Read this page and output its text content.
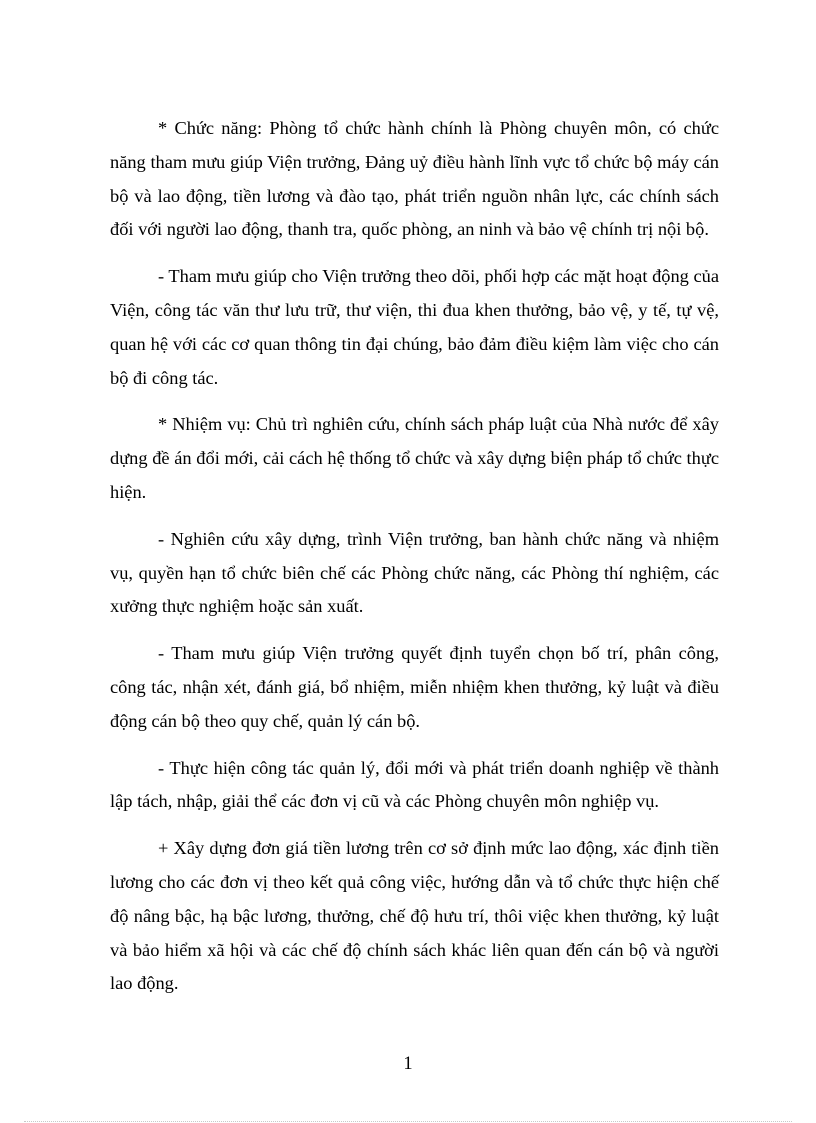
* Chức năng: Phòng tổ chức hành chính là Phòng chuyên môn, có chức năng tham mưu giúp Viện trưởng, Đảng uỷ điều hành lĩnh vực tổ chức bộ máy cán bộ và lao động, tiền lương và đào tạo, phát triển nguồn nhân lực, các chính sách đối với người lao động, thanh tra, quốc phòng, an ninh và bảo vệ chính trị nội bộ.

- Tham mưu giúp cho Viện trưởng theo dõi, phối hợp các mặt hoạt động của Viện, công tác văn thư lưu trữ, thư viện, thi đua khen thưởng, bảo vệ, y tế, tự vệ, quan hệ với các cơ quan thông tin đại chúng, bảo đảm điều kiệm làm việc cho cán bộ đi công tác.

* Nhiệm vụ: Chủ trì nghiên cứu, chính sách pháp luật của Nhà nước để xây dựng đề án đổi mới, cải cách hệ thống tổ chức và xây dựng biện pháp tổ chức thực hiện.

- Nghiên cứu xây dựng, trình Viện trưởng, ban hành chức năng và nhiệm vụ, quyền hạn tổ chức biên chế các Phòng chức năng, các Phòng thí nghiệm, các xưởng thực nghiệm hoặc sản xuất.

- Tham mưu giúp Viện trưởng quyết định tuyển chọn bố trí, phân công, công tác, nhận xét, đánh giá, bổ nhiệm, miễn nhiệm khen thưởng, kỷ luật và điều động cán bộ theo quy chế, quản lý cán bộ.

- Thực hiện công tác quản lý, đổi mới và phát triển doanh nghiệp về thành lập tách, nhập, giải thể các đơn vị cũ và các Phòng chuyên môn nghiệp vụ.

+ Xây dựng đơn giá tiền lương trên cơ sở định mức lao động, xác định tiền lương cho các đơn vị theo kết quả công việc, hướng dẫn và tổ chức thực hiện chế độ nâng bậc, hạ bậc lương, thưởng, chế độ hưu trí, thôi việc khen thưởng, kỷ luật và bảo hiểm xã hội và các chế độ chính sách khác liên quan đến cán bộ và người lao động.

1
